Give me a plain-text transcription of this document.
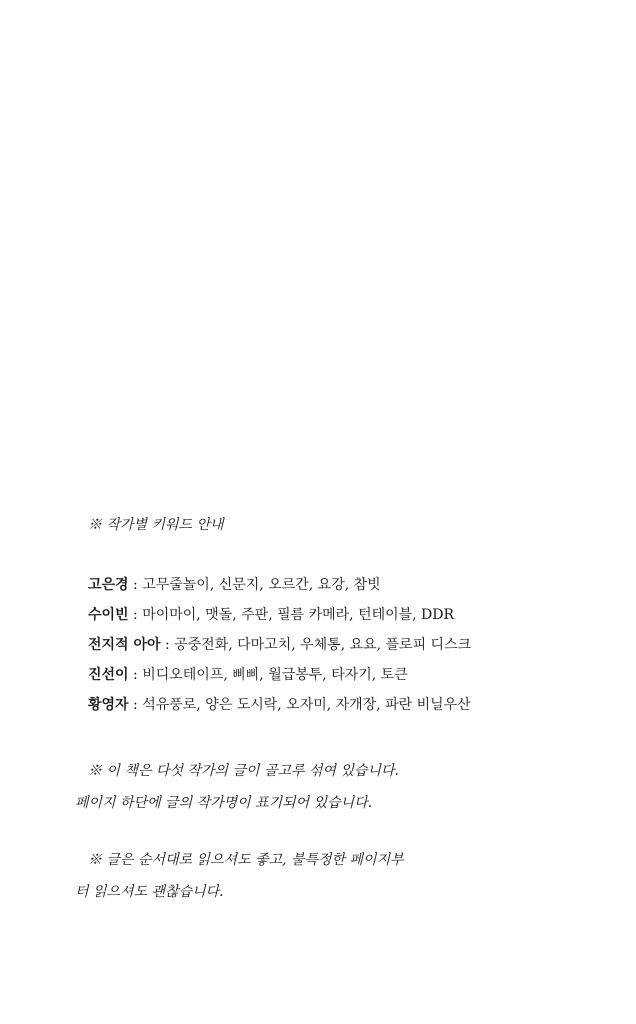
※ 작가별 키워드 안내

고은경 : 고무줄놀이, 신문지, 오르간, 요강, 참빗
수이빈 : 마이마이, 맷돌, 주판, 필름 카메라, 턴테이블, DDR
전지적 아아 : 공중전화, 다마고치, 우체통, 요요, 플로피 디스크
진선이 : 비디오테이프, 삐삐, 월급봉투, 타자기, 토큰
황영자 : 석유풍로, 양은 도시락, 오자미, 자개장, 파란 비닐우산

※ 이 책은 다섯 작가의 글이 골고루 섞여 있습니다.
페이지 하단에 글의 작가명이 표기되어 있습니다.

※ 글은 순서대로 읽으셔도 좋고, 불특정한 페이지부
터 읽으셔도 괜찮습니다.
